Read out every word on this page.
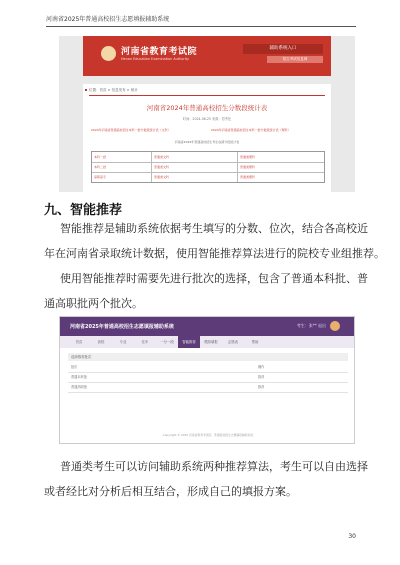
河南省2025年普通高校招生志愿填报辅助系统
河南省教育考试院
Henan Education Examination Authority
辅助系统入口
招生考试信息网
位置：首页 > 信息发布 > 统计
河南省2024年普通高校招生分数段统计表
时间：2024-06-25 来源：招考处
2024年河南省普通高校招生本科一批分数段统计表（文科）	2024年河南省普通高校招生本科一批分数段统计表（理科）
河南省2024年普通高校招生考生成绩分段统计表
本科一批	普通类文科	普通类理科
本科二批	普通类文科	普通类理科
高职高专	普通类文科	普通类理科
九、智能推荐
智能推荐是辅助系统依据考生填写的分数、位次，结合各高校近
年在河南省录取统计数据，使用智能推荐算法进行的院校专业组推荐。
使用智能推荐时需要先进行批次的选择，包含了普通本科批、普
通高职批两个批次。
河南省2025年普通高校招生志愿填报辅助系统	考生：张** 退出
首页	高校	专业	往年	一分一段	智能推荐	模拟填报	志愿表	帮助
选择推荐批次
批次	操作
普通本科批	推荐
普通高职批	推荐
Copyright © 2025 河南省教育考试院 · 普通高校招生志愿填报辅助系统
普通类考生可以访问辅助系统两种推荐算法，考生可以自由选择
或者经比对分析后相互结合，形成自己的填报方案。
30
